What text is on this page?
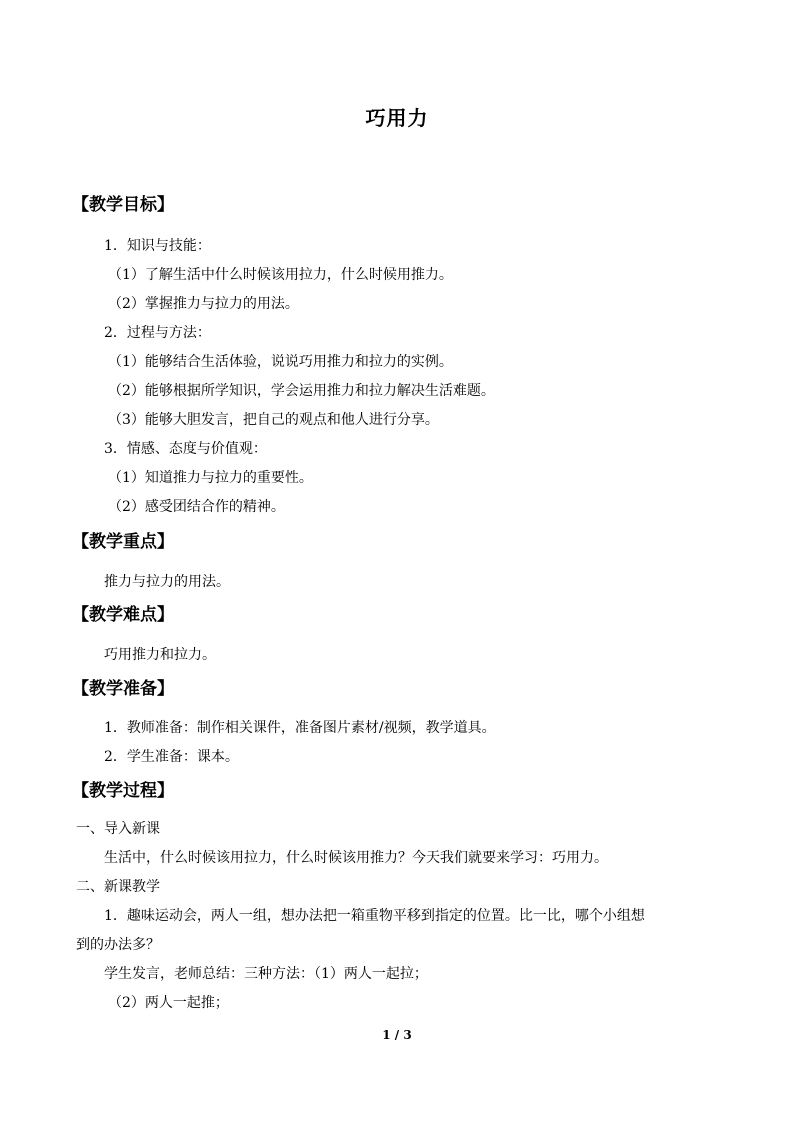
巧用力
【教学目标】
1．知识与技能：
（1）了解生活中什么时候该用拉力，什么时候用推力。
（2）掌握推力与拉力的用法。
2．过程与方法：
（1）能够结合生活体验，说说巧用推力和拉力的实例。
（2）能够根据所学知识，学会运用推力和拉力解决生活难题。
（3）能够大胆发言，把自己的观点和他人进行分享。
3．情感、态度与价值观：
（1）知道推力与拉力的重要性。
（2）感受团结合作的精神。
【教学重点】
推力与拉力的用法。
【教学难点】
巧用推力和拉力。
【教学准备】
1．教师准备：制作相关课件，准备图片素材/视频，教学道具。
2．学生准备：课本。
【教学过程】
一、导入新课
生活中，什么时候该用拉力，什么时候该用推力？今天我们就要来学习：巧用力。
二、新课教学
1．趣味运动会，两人一组，想办法把一箱重物平移到指定的位置。比一比，哪个小组想
到的办法多？
学生发言，老师总结：三种方法：（1）两人一起拉；
（2）两人一起推；
1 / 3
